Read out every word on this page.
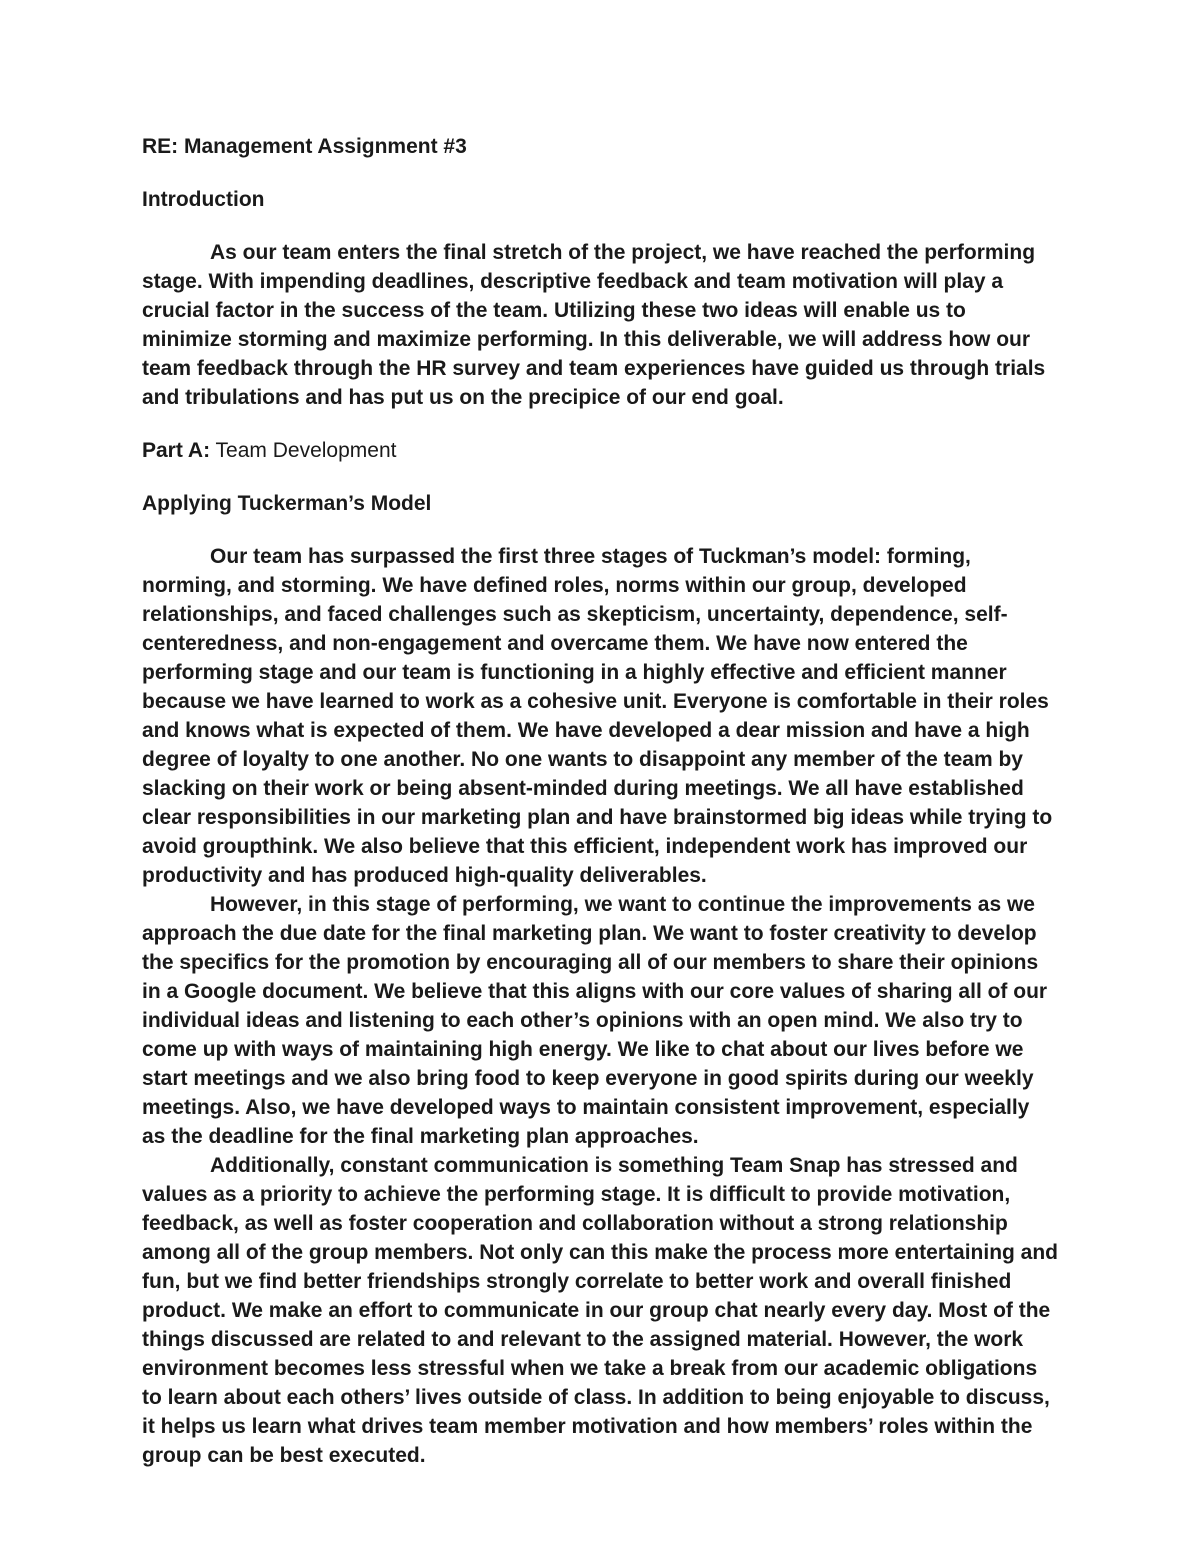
RE: Management Assignment #3
Introduction

As our team enters the final stretch of the project, we have reached the performing stage. With impending deadlines, descriptive feedback and team motivation will play a crucial factor in the success of the team. Utilizing these two ideas will enable us to minimize storming and maximize performing. In this deliverable, we will address how our team feedback through the HR survey and team experiences have guided us through trials and tribulations and has put us on the precipice of our end goal.

Part A: Team Development
Applying Tuckerman’s Model

Our team has surpassed the first three stages of Tuckman’s model: forming, norming, and storming. We have defined roles, norms within our group, developed relationships, and faced challenges such as skepticism, uncertainty, dependence, self-centeredness, and non-engagement and overcame them. We have now entered the performing stage and our team is functioning in a highly effective and efficient manner because we have learned to work as a cohesive unit. Everyone is comfortable in their roles and knows what is expected of them. We have developed a dear mission and have a high degree of loyalty to one another. No one wants to disappoint any member of the team by slacking on their work or being absent-minded during meetings. We all have established clear responsibilities in our marketing plan and have brainstormed big ideas while trying to avoid groupthink. We also believe that this efficient, independent work has improved our productivity and has produced high-quality deliverables.

However, in this stage of performing, we want to continue the improvements as we approach the due date for the final marketing plan. We want to foster creativity to develop the specifics for the promotion by encouraging all of our members to share their opinions in a Google document. We believe that this aligns with our core values of sharing all of our individual ideas and listening to each other’s opinions with an open mind. We also try to come up with ways of maintaining high energy. We like to chat about our lives before we start meetings and we also bring food to keep everyone in good spirits during our weekly meetings. Also, we have developed ways to maintain consistent improvement, especially as the deadline for the final marketing plan approaches.

Additionally, constant communication is something Team Snap has stressed and values as a priority to achieve the performing stage. It is difficult to provide motivation, feedback, as well as foster cooperation and collaboration without a strong relationship among all of the group members. Not only can this make the process more entertaining and fun, but we find better friendships strongly correlate to better work and overall finished product. We make an effort to communicate in our group chat nearly every day. Most of the things discussed are related to and relevant to the assigned material. However, the work environment becomes less stressful when we take a break from our academic obligations to learn about each others’ lives outside of class. In addition to being enjoyable to discuss, it helps us learn what drives team member motivation and how members’ roles within the group can be best executed.
